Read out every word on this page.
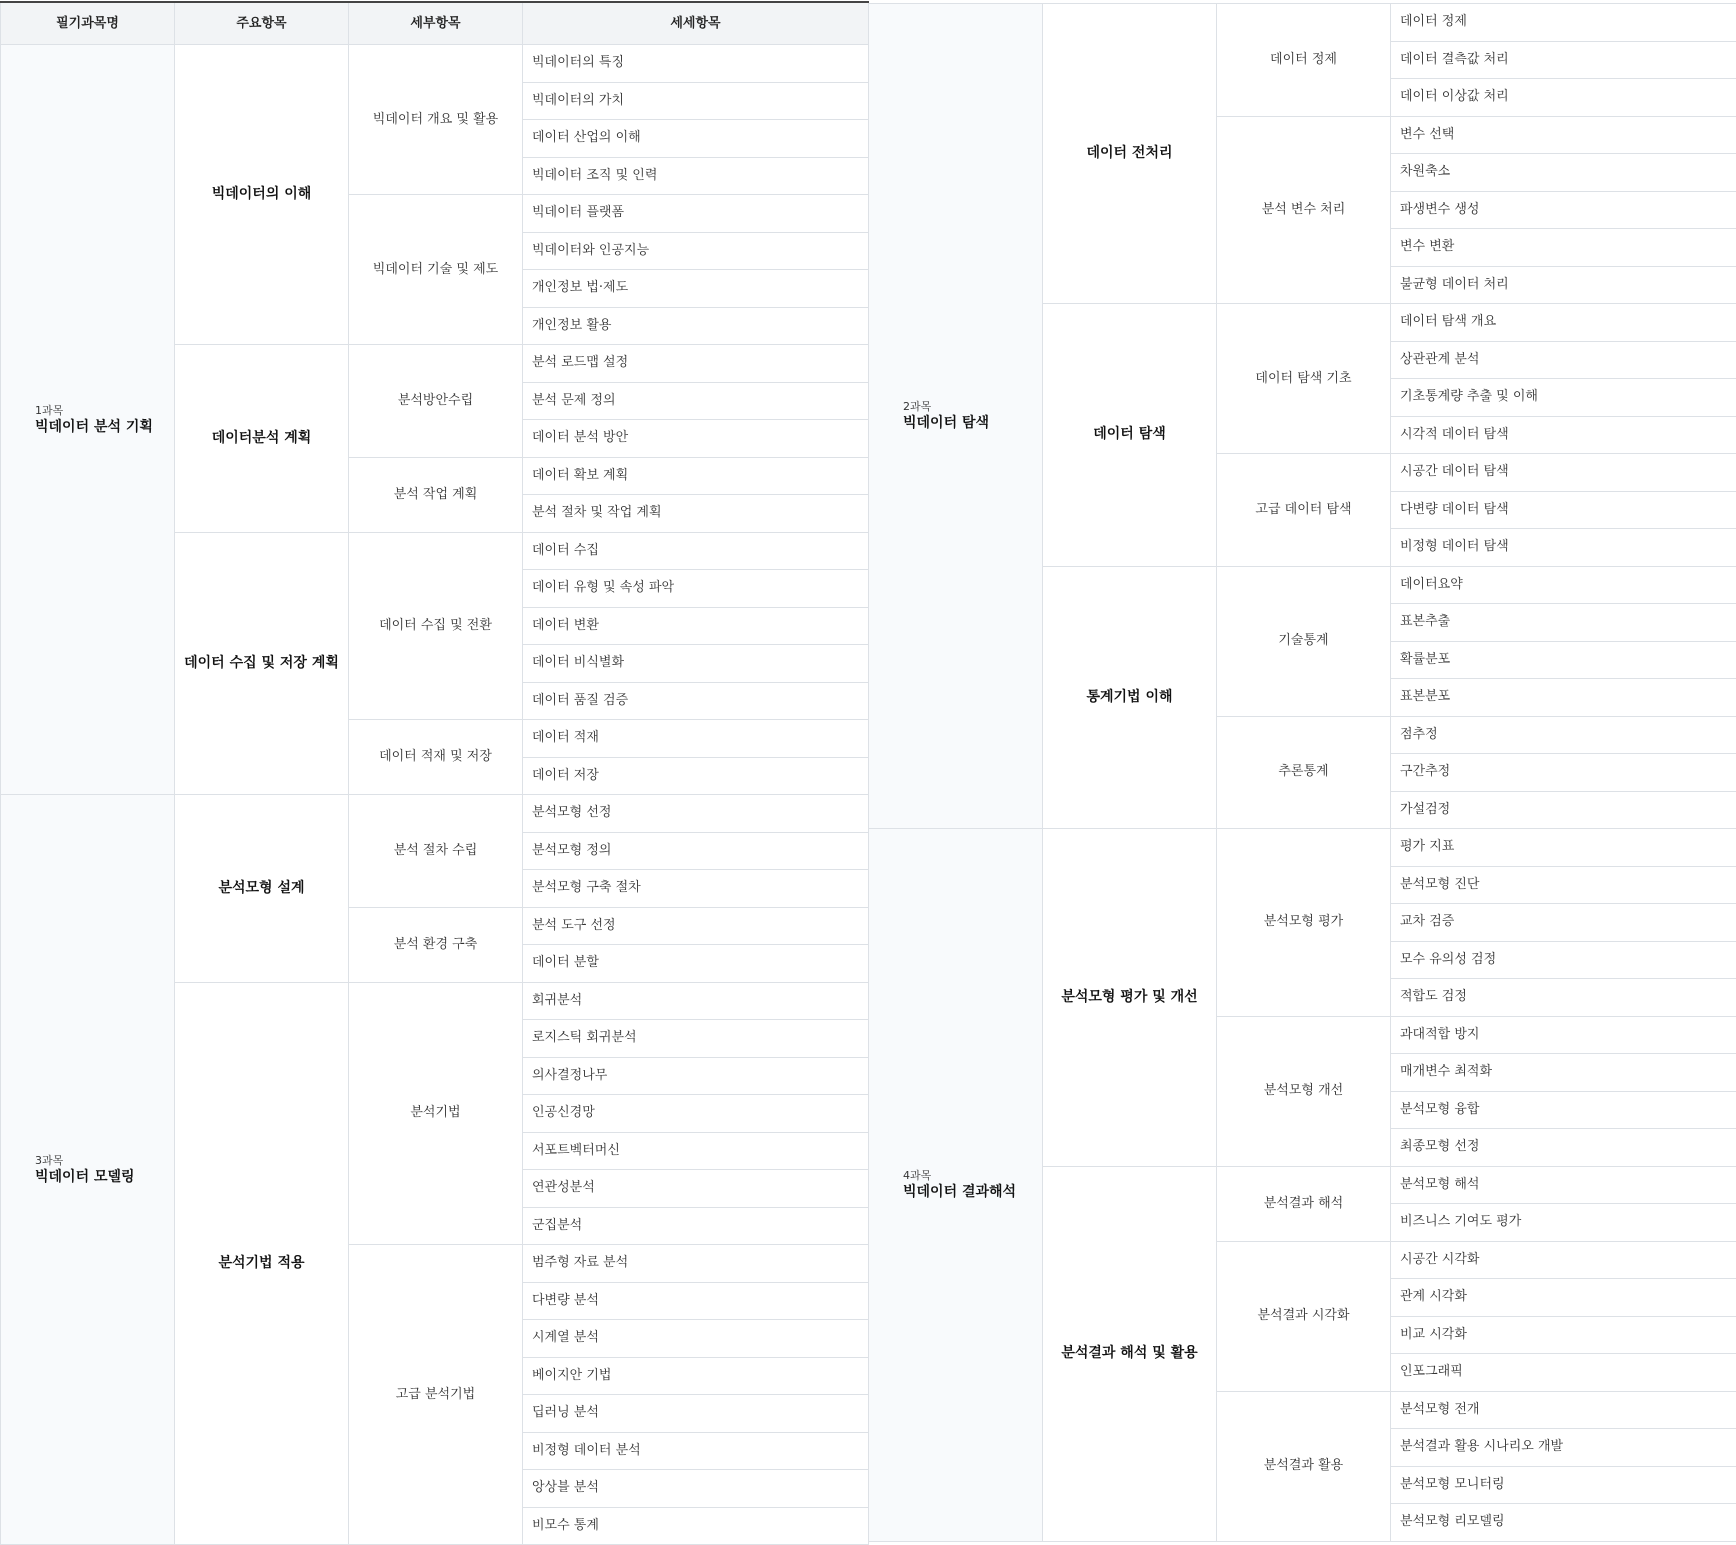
필기과목명	주요항목	세부항목	세세항목

1과목
빅데이터 분석 기획	빅데이터의 이해	빅데이터 개요 및 활용	빅데이터의 특징
			빅데이터의 가치
			데이터 산업의 이해
			빅데이터 조직 및 인력
		빅데이터 기술 및 제도	빅데이터 플랫폼
			빅데이터와 인공지능
			개인정보 법·제도
			개인정보 활용
	데이터분석 계획	분석방안수립	분석 로드맵 설정
			분석 문제 정의
			데이터 분석 방안
		분석 작업 계획	데이터 확보 계획
			분석 절차 및 작업 계획
	데이터 수집 및 저장 계획	데이터 수집 및 전환	데이터 수집
			데이터 유형 및 속성 파악
			데이터 변환
			데이터 비식별화
			데이터 품질 검증
		데이터 적재 및 저장	데이터 적재
			데이터 저장

3과목
빅데이터 모델링	분석모형 설계	분석 절차 수립	분석모형 선정
			분석모형 정의
			분석모형 구축 절차
		분석 환경 구축	분석 도구 선정
			데이터 분할
	분석기법 적용	분석기법	회귀분석
			로지스틱 회귀분석
			의사결정나무
			인공신경망
			서포트벡터머신
			연관성분석
			군집분석
		고급 분석기법	범주형 자료 분석
			다변량 분석
			시계열 분석
			베이지안 기법
			딥러닝 분석
			비정형 데이터 분석
			앙상블 분석
			비모수 통계
2과목
빅데이터 탐색	데이터 전처리	데이터 정제	데이터 정제
			데이터 결측값 처리
			데이터 이상값 처리
		분석 변수 처리	변수 선택
			차원축소
			파생변수 생성
			변수 변환
			불균형 데이터 처리
	데이터 탐색	데이터 탐색 기초	데이터 탐색 개요
			상관관계 분석
			기초통계량 추출 및 이해
			시각적 데이터 탐색
		고급 데이터 탐색	시공간 데이터 탐색
			다변량 데이터 탐색
			비정형 데이터 탐색
	통계기법 이해	기술통계	데이터요약
			표본추출
			확률분포
			표본분포
		추론통계	점추정
			구간추정
			가설검정

4과목
빅데이터 결과해석	분석모형 평가 및 개선	분석모형 평가	평가 지표
			분석모형 진단
			교차 검증
			모수 유의성 검정
			적합도 검정
		분석모형 개선	과대적합 방지
			매개변수 최적화
			분석모형 융합
			최종모형 선정
	분석결과 해석 및 활용	분석결과 해석	분석모형 해석
			비즈니스 기여도 평가
		분석결과 시각화	시공간 시각화
			관계 시각화
			비교 시각화
			인포그래픽
		분석결과 활용	분석모형 전개
			분석결과 활용 시나리오 개발
			분석모형 모니터링
			분석모형 리모델링
